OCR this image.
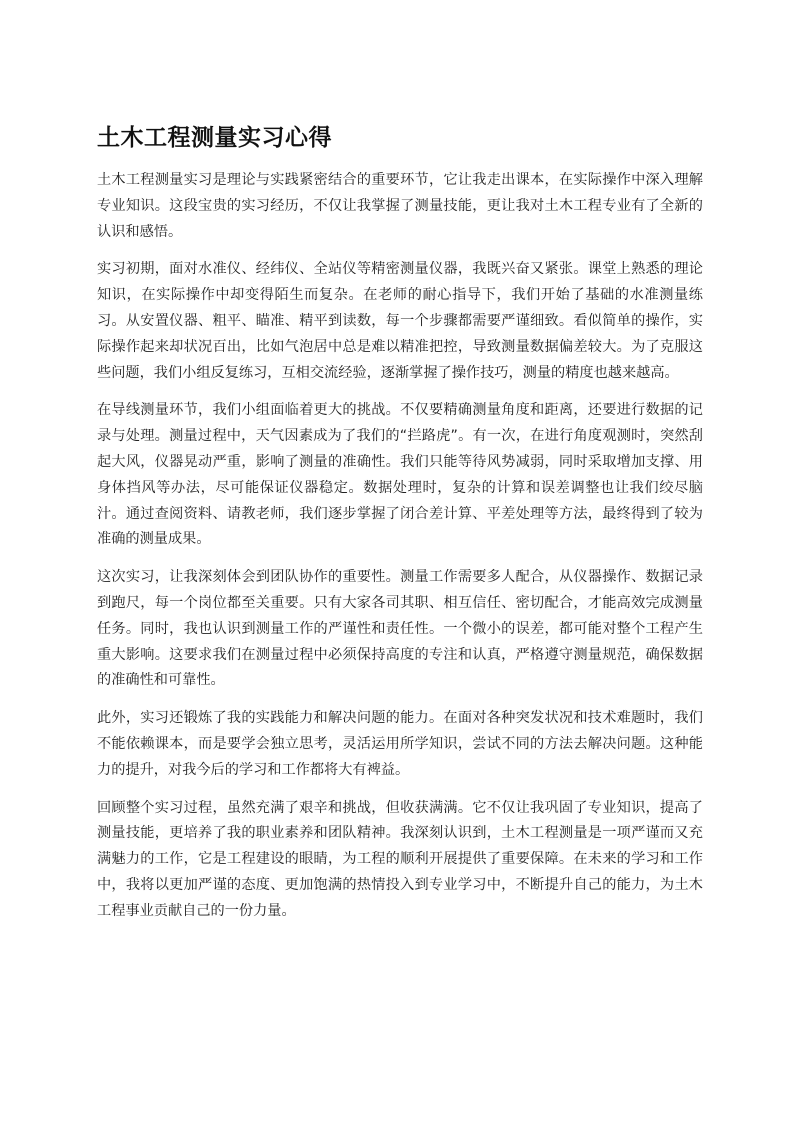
土木工程测量实习心得

土木工程测量实习是理论与实践紧密结合的重要环节，它让我走出课本，在实际操作中深入理解专业知识。这段宝贵的实习经历，不仅让我掌握了测量技能，更让我对土木工程专业有了全新的认识和感悟。

实习初期，面对水准仪、经纬仪、全站仪等精密测量仪器，我既兴奋又紧张。课堂上熟悉的理论知识，在实际操作中却变得陌生而复杂。在老师的耐心指导下，我们开始了基础的水准测量练习。从安置仪器、粗平、瞄准、精平到读数，每一个步骤都需要严谨细致。看似简单的操作，实际操作起来却状况百出，比如气泡居中总是难以精准把控，导致测量数据偏差较大。为了克服这些问题，我们小组反复练习，互相交流经验，逐渐掌握了操作技巧，测量的精度也越来越高。

在导线测量环节，我们小组面临着更大的挑战。不仅要精确测量角度和距离，还要进行数据的记录与处理。测量过程中，天气因素成为了我们的“拦路虎”。有一次，在进行角度观测时，突然刮起大风，仪器晃动严重，影响了测量的准确性。我们只能等待风势减弱，同时采取增加支撑、用身体挡风等办法，尽可能保证仪器稳定。数据处理时，复杂的计算和误差调整也让我们绞尽脑汁。通过查阅资料、请教老师，我们逐步掌握了闭合差计算、平差处理等方法，最终得到了较为准确的测量成果。

这次实习，让我深刻体会到团队协作的重要性。测量工作需要多人配合，从仪器操作、数据记录到跑尺，每一个岗位都至关重要。只有大家各司其职、相互信任、密切配合，才能高效完成测量任务。同时，我也认识到测量工作的严谨性和责任性。一个微小的误差，都可能对整个工程产生重大影响。这要求我们在测量过程中必须保持高度的专注和认真，严格遵守测量规范，确保数据的准确性和可靠性。

此外，实习还锻炼了我的实践能力和解决问题的能力。在面对各种突发状况和技术难题时，我们不能依赖课本，而是要学会独立思考，灵活运用所学知识，尝试不同的方法去解决问题。这种能力的提升，对我今后的学习和工作都将大有裨益。

回顾整个实习过程，虽然充满了艰辛和挑战，但收获满满。它不仅让我巩固了专业知识，提高了测量技能，更培养了我的职业素养和团队精神。我深刻认识到，土木工程测量是一项严谨而又充满魅力的工作，它是工程建设的眼睛，为工程的顺利开展提供了重要保障。在未来的学习和工作中，我将以更加严谨的态度、更加饱满的热情投入到专业学习中，不断提升自己的能力，为土木工程事业贡献自己的一份力量。
